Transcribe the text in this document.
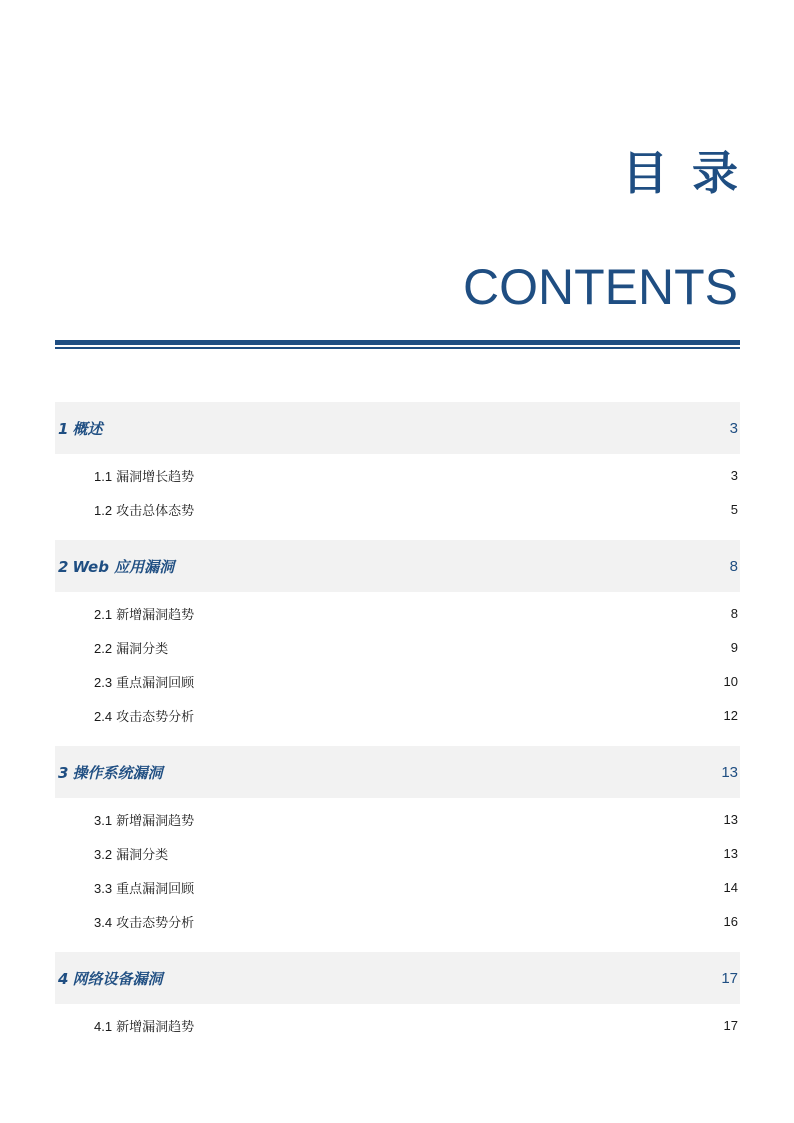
目录
CONTENTS
1 概述	3
1.1 漏洞增长趋势	3
1.2 攻击总体态势	5
2 Web 应用漏洞	8
2.1 新增漏洞趋势	8
2.2 漏洞分类	9
2.3 重点漏洞回顾	10
2.4 攻击态势分析	12
3 操作系统漏洞	13
3.1 新增漏洞趋势	13
3.2 漏洞分类	13
3.3 重点漏洞回顾	14
3.4 攻击态势分析	16
4 网络设备漏洞	17
4.1 新增漏洞趋势	17
